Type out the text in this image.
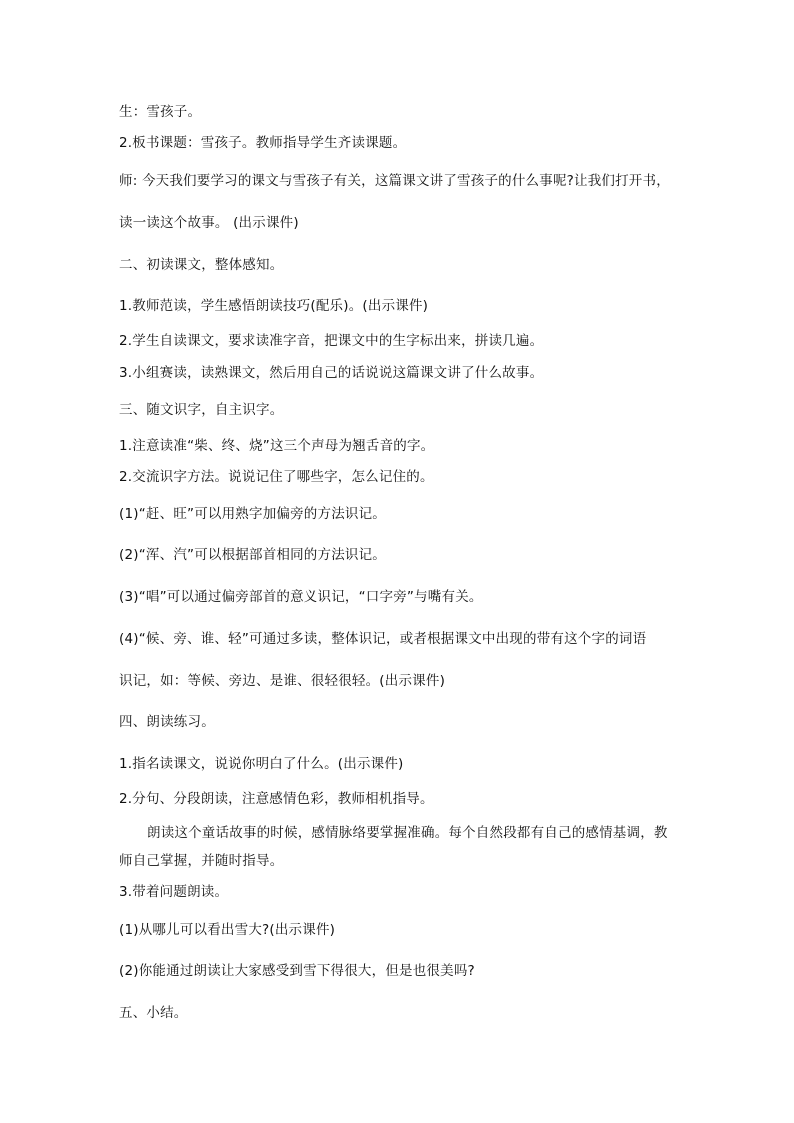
生：雪孩子。
2.板书课题：雪孩子。教师指导学生齐读课题。
师: 今天我们要学习的课文与雪孩子有关，这篇课文讲了雪孩子的什么事呢?让我们打开书，
读一读这个故事。 (出示课件)
二、初读课文，整体感知。
1.教师范读，学生感悟朗读技巧(配乐)。(出示课件)
2.学生自读课文，要求读准字音，把课文中的生字标出来，拼读几遍。
3.小组赛读，读熟课文，然后用自己的话说说这篇课文讲了什么故事。
三、随文识字，自主识字。
1.注意读准“柴、终、烧”这三个声母为翘舌音的字。
2.交流识字方法。说说记住了哪些字，怎么记住的。
(1)“赶、旺”可以用熟字加偏旁的方法识记。
(2)“浑、汽”可以根据部首相同的方法识记。
(3)“唱”可以通过偏旁部首的意义识记，“口字旁”与嘴有关。
(4)“候、旁、谁、轻”可通过多读，整体识记，或者根据课文中出现的带有这个字的词语
识记，如：等候、旁边、是谁、很轻很轻。(出示课件)
四、朗读练习。
1.指名读课文，说说你明白了什么。(出示课件)
2.分句、分段朗读，注意感情色彩，教师相机指导。
朗读这个童话故事的时候，感情脉络要掌握准确。每个自然段都有自己的感情基调，教
师自己掌握，并随时指导。
3.带着问题朗读。
(1)从哪儿可以看出雪大?(出示课件)
(2)你能通过朗读让大家感受到雪下得很大，但是也很美吗?
五、小结。
